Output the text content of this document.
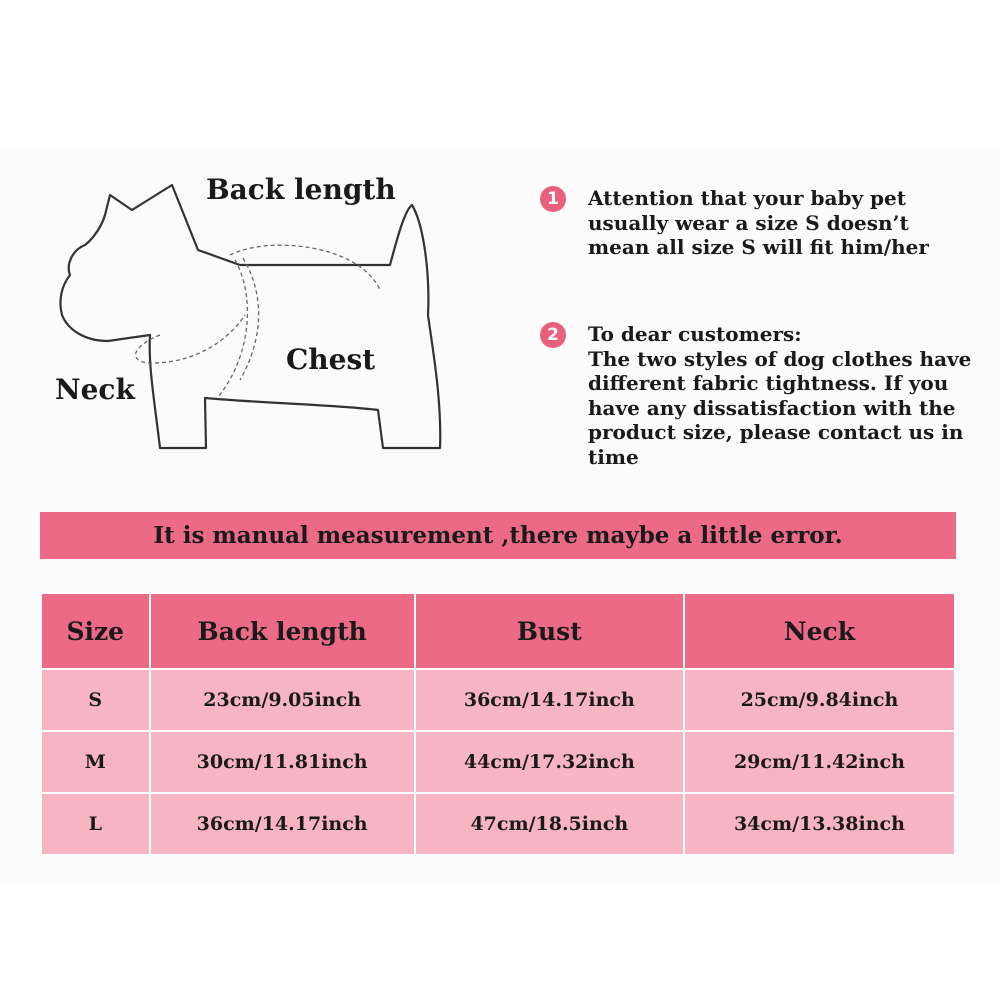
Back length
Chest
Neck
1	Attention that your baby pet
usually wear a size S doesn’t
mean all size S will fit him/her
2	To dear customers:
The two styles of dog clothes have
different fabric tightness. If you
have any dissatisfaction with the
product size, please contact us in
time
It is manual measurement ,there maybe a little error.
Size	Back length	Bust	Neck
S	23cm/9.05inch	36cm/14.17inch	25cm/9.84inch
M	30cm/11.81inch	44cm/17.32inch	29cm/11.42inch
L	36cm/14.17inch	47cm/18.5inch	34cm/13.38inch
